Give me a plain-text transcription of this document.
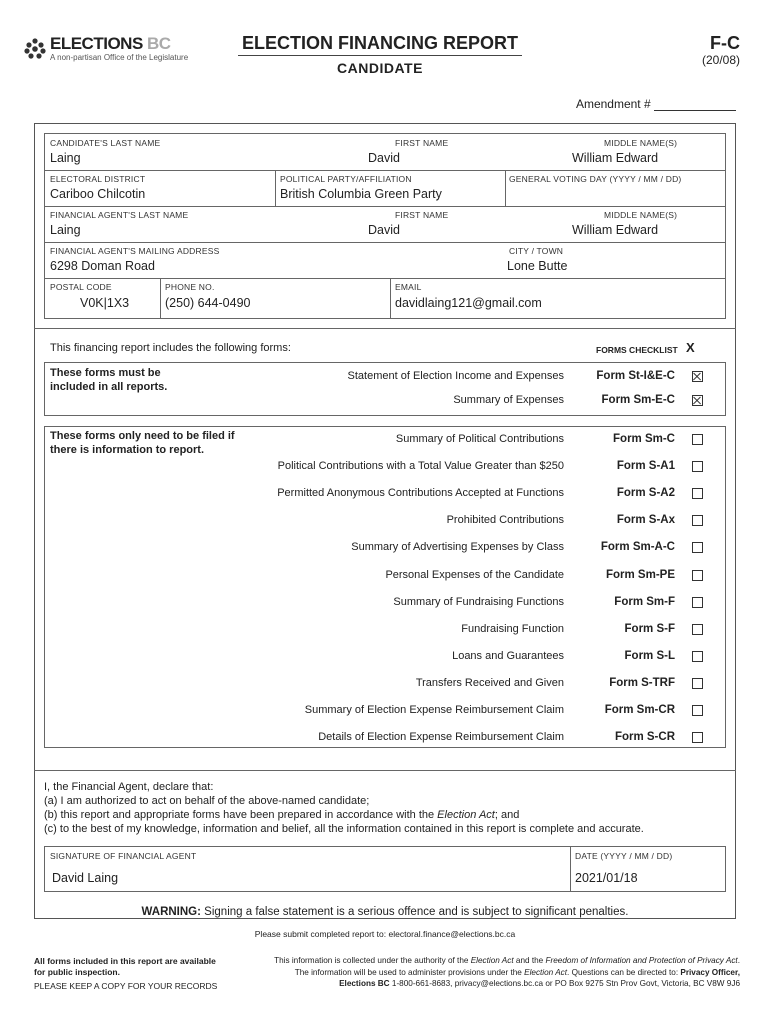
ELECTIONS BC
A non-partisan Office of the Legislature
ELECTION FINANCING REPORT
CANDIDATE
F-C
(20/08)
Amendment #
CANDIDATE'S LAST NAME
Laing
FIRST NAME
David
MIDDLE NAME(S)
William Edward
ELECTORAL DISTRICT
Cariboo Chilcotin
POLITICAL PARTY/AFFILIATION
British Columbia Green Party
GENERAL VOTING DAY (YYYY / MM / DD)
FINANCIAL AGENT'S LAST NAME
Laing
FIRST NAME
David
MIDDLE NAME(S)
William Edward
FINANCIAL AGENT'S MAILING ADDRESS
6298 Doman Road
CITY / TOWN
Lone Butte
POSTAL CODE
V0K|1X3
PHONE NO.
(250) 644-0490
EMAIL
davidlaing121@gmail.com
This financing report includes the following forms:	FORMS CHECKLIST X
These forms must be included in all reports.
Statement of Election Income and Expenses	Form St-I&E-C
Summary of Expenses	Form Sm-E-C
These forms only need to be filed if there is information to report.
Summary of Political Contributions	Form Sm-C
Political Contributions with a Total Value Greater than $250	Form S-A1
Permitted Anonymous Contributions Accepted at Functions	Form S-A2
Prohibited Contributions	Form S-Ax
Summary of Advertising Expenses by Class	Form Sm-A-C
Personal Expenses of the Candidate	Form Sm-PE
Summary of Fundraising Functions	Form Sm-F
Fundraising Function	Form S-F
Loans and Guarantees	Form S-L
Transfers Received and Given	Form S-TRF
Summary of Election Expense Reimbursement Claim	Form Sm-CR
Details of Election Expense Reimbursement Claim	Form S-CR
I, the Financial Agent, declare that:
(a) I am authorized to act on behalf of the above-named candidate;
(b) this report and appropriate forms have been prepared in accordance with the Election Act; and
(c) to the best of my knowledge, information and belief, all the information contained in this report is complete and accurate.
SIGNATURE OF FINANCIAL AGENT
David Laing
DATE (YYYY / MM / DD)
2021/01/18
WARNING: Signing a false statement is a serious offence and is subject to significant penalties.
Please submit completed report to: electoral.finance@elections.bc.ca
All forms included in this report are available
for public inspection.
PLEASE KEEP A COPY FOR YOUR RECORDS
This information is collected under the authority of the Election Act and the Freedom of Information and Protection of Privacy Act.
The information will be used to administer provisions under the Election Act. Questions can be directed to: Privacy Officer,
Elections BC 1-800-661-8683, privacy@elections.bc.ca or PO Box 9275 Stn Prov Govt, Victoria, BC V8W 9J6
